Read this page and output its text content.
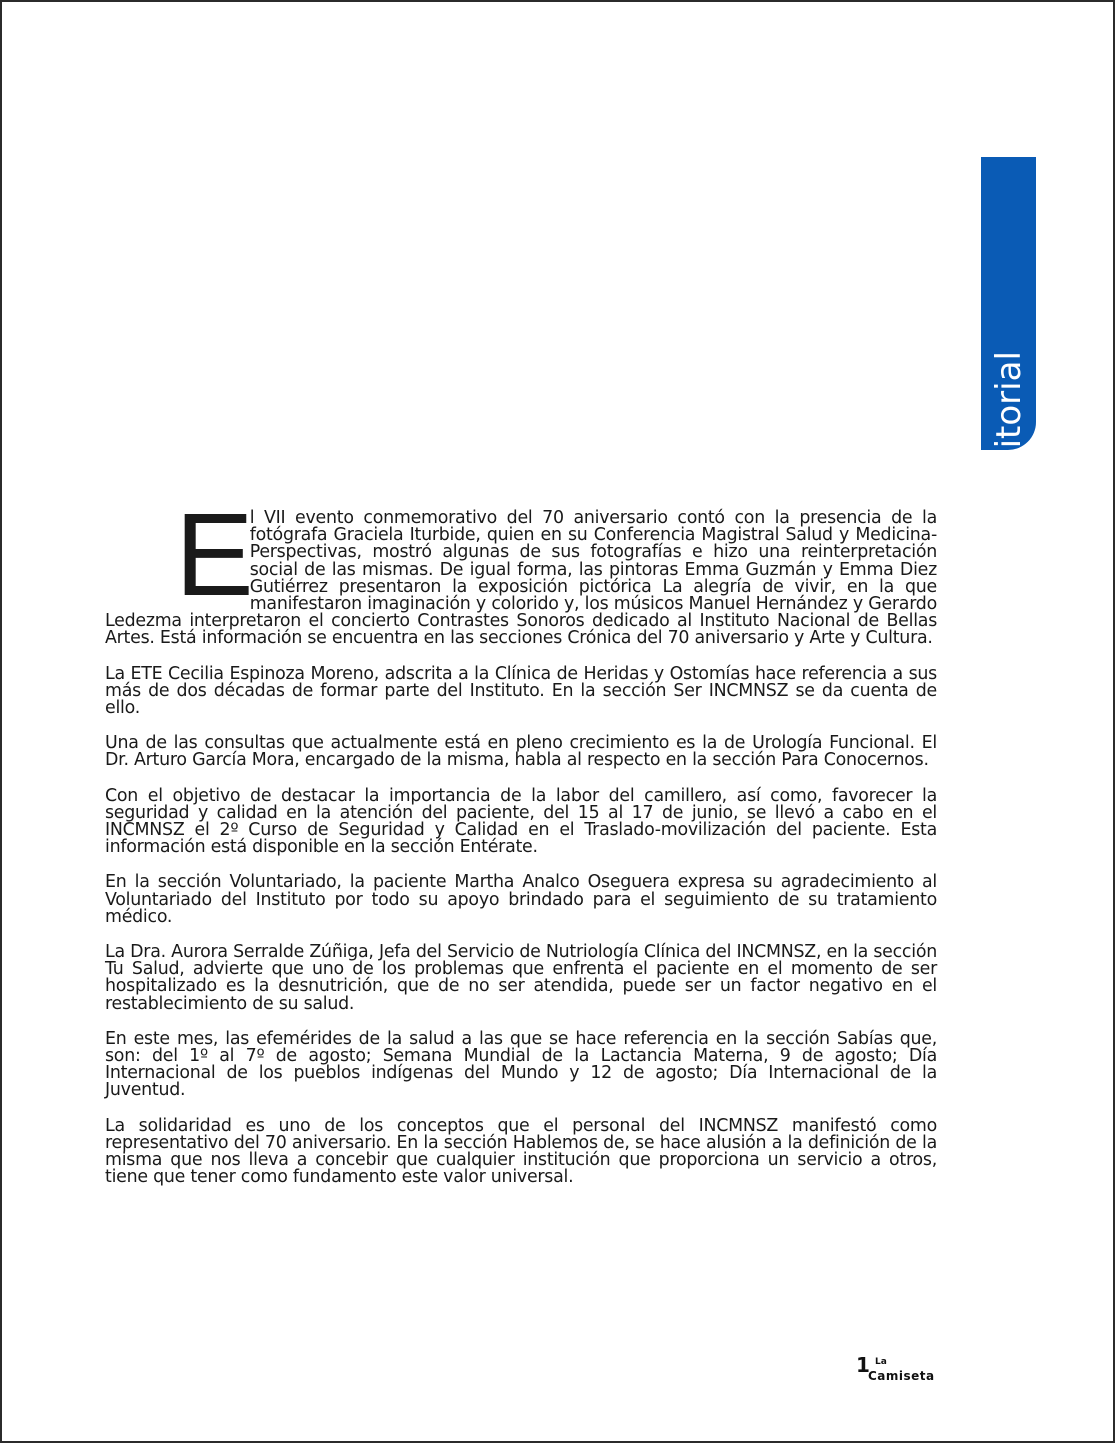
editorial

El VII evento conmemorativo del 70 aniversario contó con la presencia de la fotógrafa Graciela Iturbide, quien en su Conferencia Magistral Salud y Medicina-Perspectivas, mostró algunas de sus fotografías e hizo una reinterpretación social de las mismas. De igual forma, las pintoras Emma Guzmán y Emma Diez Gutiérrez presentaron la exposición pictórica La alegría de vivir, en la que manifestaron imaginación y colorido y, los músicos Manuel Hernández y Gerardo Ledezma interpretaron el concierto Contrastes Sonoros dedicado al Instituto Nacional de Bellas Artes. Está información se encuentra en las secciones Crónica del 70 aniversario y Arte y Cultura.

La ETE Cecilia Espinoza Moreno, adscrita a la Clínica de Heridas y Ostomías hace referencia a sus más de dos décadas de formar parte del Instituto. En la sección Ser INCMNSZ se da cuenta de ello.

Una de las consultas que actualmente está en pleno crecimiento es la de Urología Funcional. El Dr. Arturo García Mora, encargado de la misma, habla al respecto en la sección Para Conocernos.

Con el objetivo de destacar la importancia de la labor del camillero, así como, favorecer la seguridad y calidad en la atención del paciente, del 15 al 17 de junio, se llevó a cabo en el INCMNSZ el 2º Curso de Seguridad y Calidad en el Traslado-movilización del paciente. Esta información está disponible en la sección Entérate.

En la sección Voluntariado, la paciente Martha Analco Oseguera expresa su agradecimiento al Voluntariado del Instituto por todo su apoyo brindado para el seguimiento de su tratamiento médico.

La Dra. Aurora Serralde Zúñiga, Jefa del Servicio de Nutriología Clínica del INCMNSZ, en la sección Tu Salud, advierte que uno de los problemas que enfrenta el paciente en el momento de ser hospitalizado es la desnutrición, que de no ser atendida, puede ser un factor negativo en el restablecimiento de su salud.

En este mes, las efemérides de la salud a las que se hace referencia en la sección Sabías que, son: del 1º al 7º de agosto; Semana Mundial de la Lactancia Materna, 9 de agosto; Día Internacional de los pueblos indígenas del Mundo y 12 de agosto; Día Internacional de la Juventud.

La solidaridad es uno de los conceptos que el personal del INCMNSZ manifestó como representativo del 70 aniversario. En la sección Hablemos de, se hace alusión a la definición de la misma que nos lleva a concebir que cualquier institución que proporciona un servicio a otros, tiene que tener como fundamento este valor universal.

1 La
Camiseta
